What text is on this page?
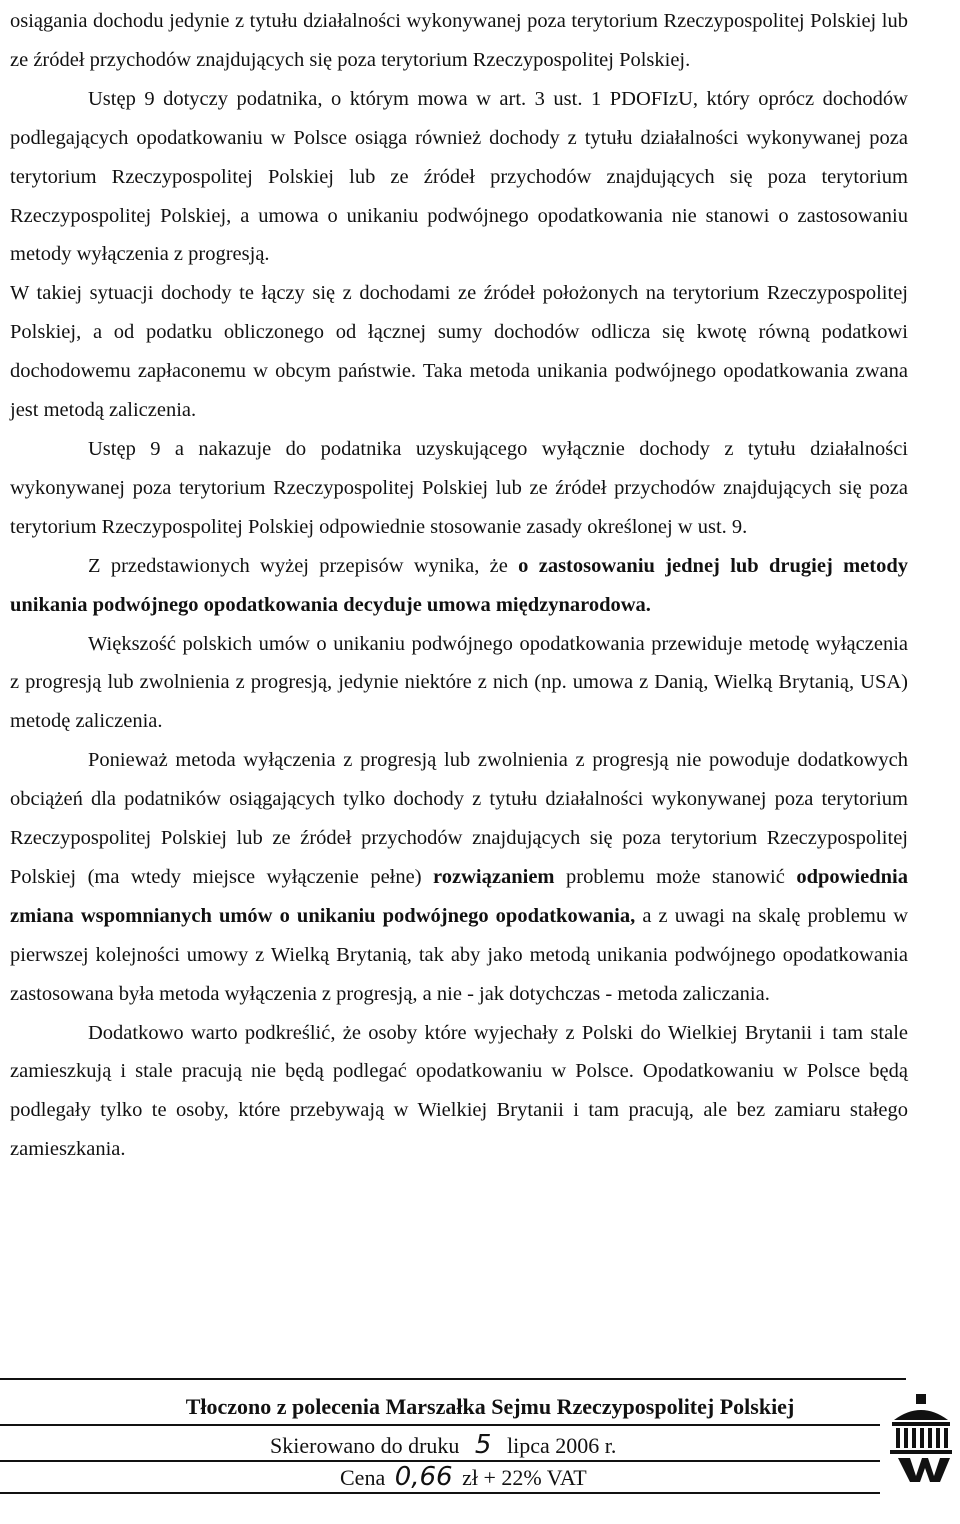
osiągania dochodu jedynie z tytułu działalności wykonywanej poza terytorium Rzeczypospolitej Polskiej lub ze źródeł przychodów znajdujących się poza terytorium Rzeczypospolitej Polskiej.

Ustęp 9 dotyczy podatnika, o którym mowa w art. 3 ust. 1 PDOFIzU, który oprócz dochodów podlegających opodatkowaniu w Polsce osiąga również dochody z tytułu działalności wykonywanej poza terytorium Rzeczypospolitej Polskiej lub ze źródeł przychodów znajdujących się poza terytorium Rzeczypospolitej Polskiej, a umowa o unikaniu podwójnego opodatkowania nie stanowi o zastosowaniu metody wyłączenia z progresją.

W takiej sytuacji dochody te łączy się z dochodami ze źródeł położonych na terytorium Rzeczypospolitej Polskiej, a od podatku obliczonego od łącznej sumy dochodów odlicza się kwotę równą podatkowi dochodowemu zapłaconemu w obcym państwie. Taka metoda unikania podwójnego opodatkowania zwana jest metodą zaliczenia.

Ustęp 9 a nakazuje do podatnika uzyskującego wyłącznie dochody z tytułu działalności wykonywanej poza terytorium Rzeczypospolitej Polskiej lub ze źródeł przychodów znajdujących się poza terytorium Rzeczypospolitej Polskiej odpowiednie stosowanie zasady określonej w ust. 9.

Z przedstawionych wyżej przepisów wynika, że o zastosowaniu jednej lub drugiej metody unikania podwójnego opodatkowania decyduje umowa międzynarodowa.

Większość polskich umów o unikaniu podwójnego opodatkowania przewiduje metodę wyłączenia z progresją lub zwolnienia z progresją, jedynie niektóre z nich (np. umowa z Danią, Wielką Brytanią, USA) metodę zaliczenia.

Ponieważ metoda wyłączenia z progresją lub zwolnienia z progresją nie powoduje dodatkowych obciążeń dla podatników osiągających tylko dochody z tytułu działalności wykonywanej poza terytorium Rzeczypospolitej Polskiej lub ze źródeł przychodów znajdujących się poza terytorium Rzeczypospolitej Polskiej (ma wtedy miejsce wyłączenie pełne) rozwiązaniem problemu może stanowić odpowiednia zmiana wspomnianych umów o unikaniu podwójnego opodatkowania, a z uwagi na skalę problemu w pierwszej kolejności umowy z Wielką Brytanią, tak aby jako metodą unikania podwójnego opodatkowania zastosowana była metoda wyłączenia z progresją, a nie - jak dotychczas - metoda zaliczania.

Dodatkowo warto podkreślić, że osoby które wyjechały z Polski do Wielkiej Brytanii i tam stale zamieszkują i stale pracują nie będą podlegać opodatkowaniu w Polsce. Opodatkowaniu w Polsce będą podlegały tylko te osoby, które przebywają w Wielkiej Brytanii i tam pracują, ale bez zamiaru stałego zamieszkania.

Tłoczono z polecenia Marszałka Sejmu Rzeczypospolitej Polskiej
Skierowano do druku 5 lipca 2006 r.
Cena 0,66 zł + 22% VAT
